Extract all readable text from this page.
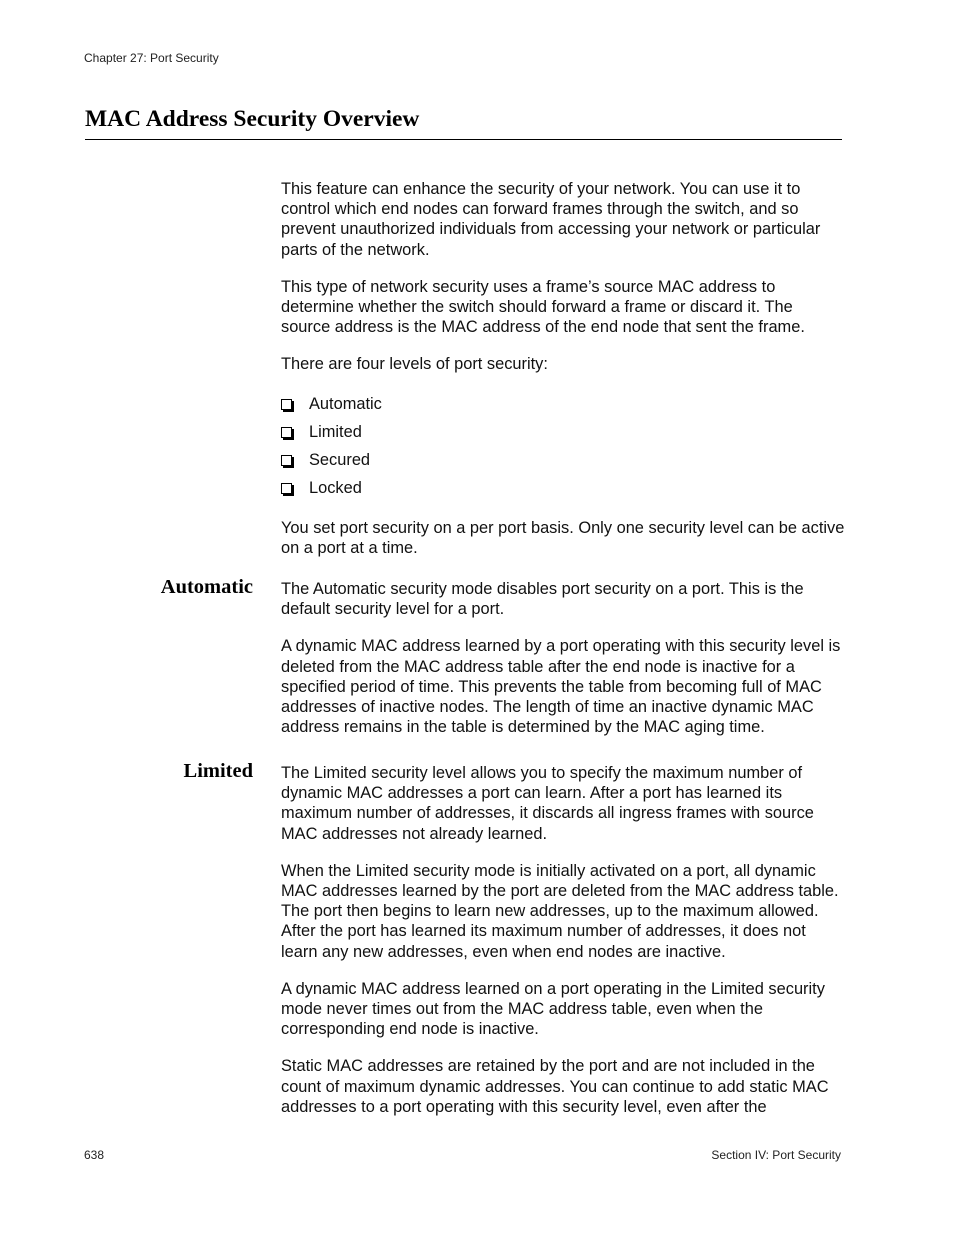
Chapter 27: Port Security
MAC Address Security Overview

This feature can enhance the security of your network. You can use it to control which end nodes can forward frames through the switch, and so prevent unauthorized individuals from accessing your network or particular parts of the network.

This type of network security uses a frame’s source MAC address to determine whether the switch should forward a frame or discard it. The source address is the MAC address of the end node that sent the frame.

There are four levels of port security:

Automatic
Limited
Secured
Locked

You set port security on a per port basis. Only one security level can be active on a port at a time.

Automatic The Automatic security mode disables port security on a port. This is the default security level for a port.

A dynamic MAC address learned by a port operating with this security level is deleted from the MAC address table after the end node is inactive for a specified period of time. This prevents the table from becoming full of MAC addresses of inactive nodes. The length of time an inactive dynamic MAC address remains in the table is determined by the MAC aging time.

Limited The Limited security level allows you to specify the maximum number of dynamic MAC addresses a port can learn. After a port has learned its maximum number of addresses, it discards all ingress frames with source MAC addresses not already learned.

When the Limited security mode is initially activated on a port, all dynamic MAC addresses learned by the port are deleted from the MAC address table. The port then begins to learn new addresses, up to the maximum allowed. After the port has learned its maximum number of addresses, it does not learn any new addresses, even when end nodes are inactive.

A dynamic MAC address learned on a port operating in the Limited security mode never times out from the MAC address table, even when the corresponding end node is inactive.

Static MAC addresses are retained by the port and are not included in the count of maximum dynamic addresses. You can continue to add static MAC addresses to a port operating with this security level, even after the

638	Section IV: Port Security
